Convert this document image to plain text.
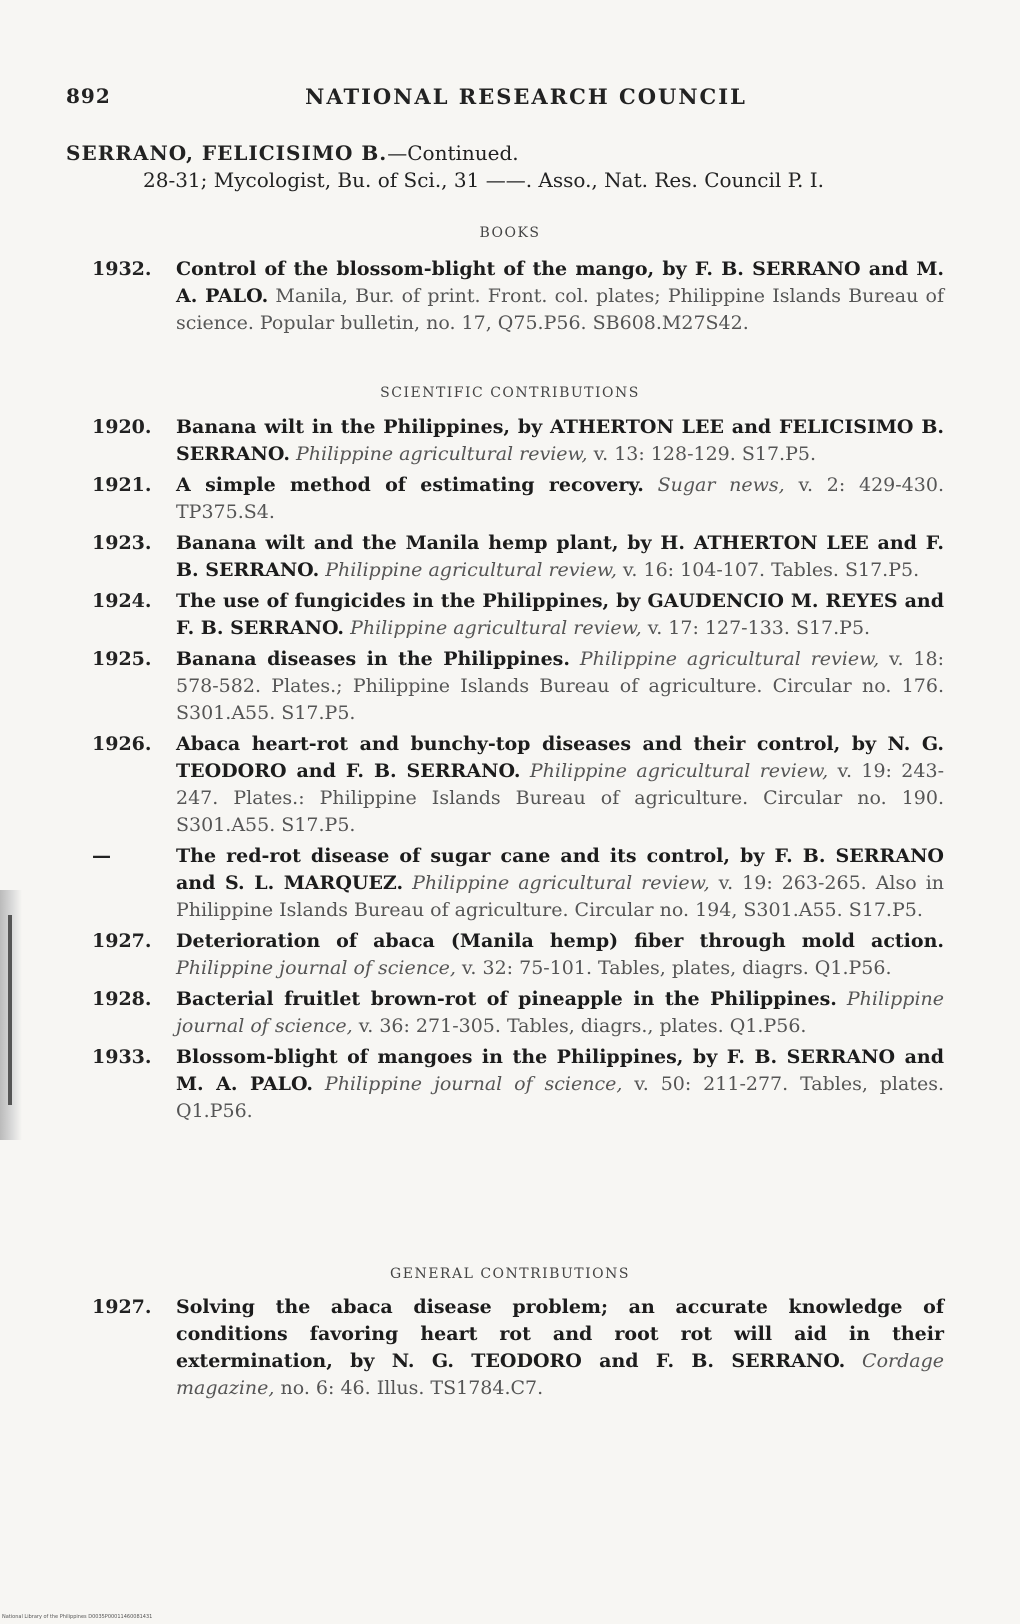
892	NATIONAL RESEARCH COUNCIL
SERRANO, FELICISIMO B.—Continued.
28-31; Mycologist, Bu. of Sci., 31 ——. Asso., Nat. Res. Council P. I.
BOOKS
1932. Control of the blossom-blight of the mango, by F. B. SERRANO and M. A. PALO. Manila, Bur. of print. Front. col. plates; Philippine Islands Bureau of science. Popular bulletin, no. 17, Q75.P56. SB608.M27S42.
SCIENTIFIC CONTRIBUTIONS
1920. Banana wilt in the Philippines, by ATHERTON LEE and FELICISIMO B. SERRANO. Philippine agricultural review, v. 13: 128-129. S17.P5.
1921. A simple method of estimating recovery. Sugar news, v. 2: 429-430. TP375.S4.
1923. Banana wilt and the Manila hemp plant, by H. ATHERTON LEE and F. B. SERRANO. Philippine agricultural review, v. 16: 104-107. Tables. S17.P5.
1924. The use of fungicides in the Philippines, by GAUDENCIO M. REYES and F. B. SERRANO. Philippine agricultural review, v. 17: 127-133. S17.P5.
1925. Banana diseases in the Philippines. Philippine agricultural review, v. 18: 578-582. Plates.; Philippine Islands Bureau of agriculture. Circular no. 176. S301.A55. S17.P5.
1926. Abaca heart-rot and bunchy-top diseases and their control, by N. G. TEODORO and F. B. SERRANO. Philippine agricultural review, v. 19: 243-247. Plates.: Philippine Islands Bureau of agriculture. Circular no. 190. S301.A55. S17.P5.
—	The red-rot disease of sugar cane and its control, by F. B. SERRANO and S. L. MARQUEZ. Philippine agricultural review, v. 19: 263-265. Also in Philippine Islands Bureau of agriculture. Circular no. 194, S301.A55. S17.P5.
1927. Deterioration of abaca (Manila hemp) fiber through mold action. Philippine journal of science, v. 32: 75-101. Tables, plates, diagrs. Q1.P56.
1928. Bacterial fruitlet brown-rot of pineapple in the Philippines. Philippine journal of science, v. 36: 271-305. Tables, diagrs., plates. Q1.P56.
1933. Blossom-blight of mangoes in the Philippines, by F. B. SERRANO and M. A. PALO. Philippine journal of science, v. 50: 211-277. Tables, plates. Q1.P56.
GENERAL CONTRIBUTIONS
1927. Solving the abaca disease problem; an accurate knowledge of conditions favoring heart rot and root rot will aid in their extermination, by N. G. TEODORO and F. B. SERRANO. Cordage magazine, no. 6: 46. Illus. TS1784.C7.
National Library of the Philippines D0035P00011460081431
